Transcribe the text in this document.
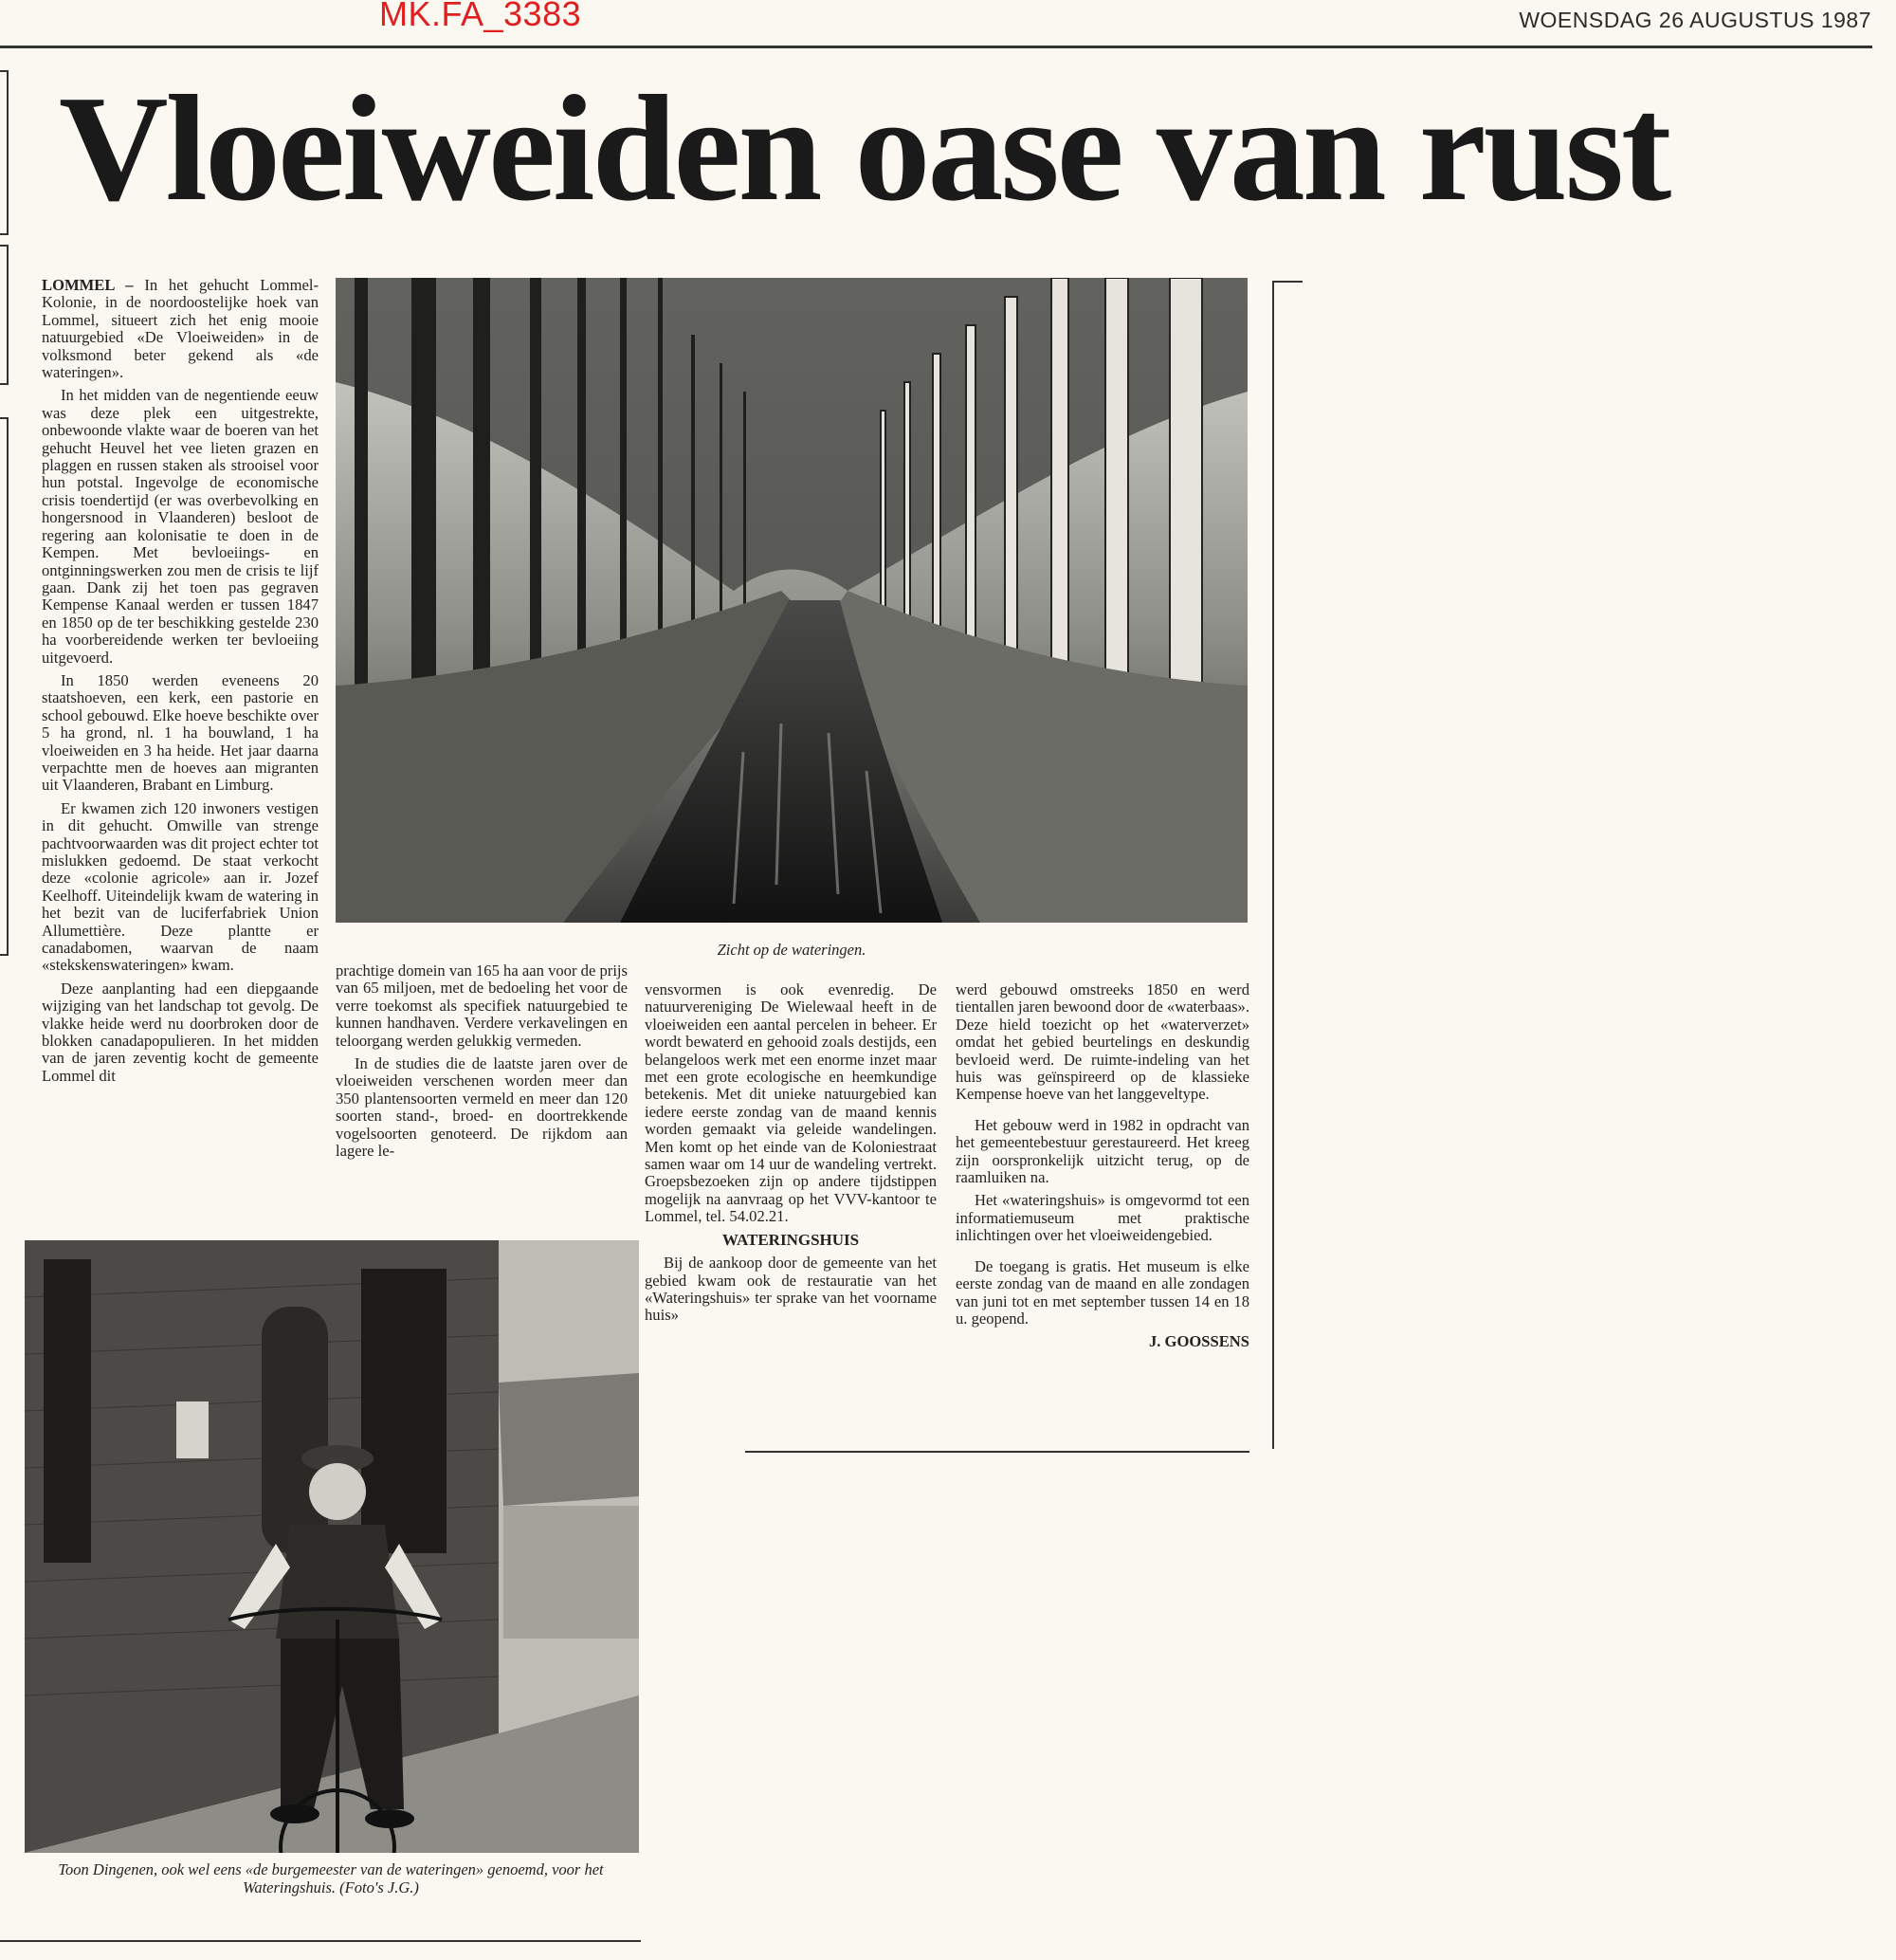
MK.FA_3383	WOENSDAG 26 AUGUSTUS 1987
Vloeiweiden oase van rust

LOMMEL – In het gehucht Lommel-Kolonie, in de noordoostelijke hoek van Lommel, situeert zich het enig mooie natuurgebied «De Vloeiweiden» in de volksmond beter gekend als «de wateringen».

In het midden van de negentiende eeuw was deze plek een uitgestrekte, onbewoonde vlakte waar de boeren van het gehucht Heuvel het vee lieten grazen en plaggen en russen staken als strooisel voor hun potstal. Ingevolge de economische crisis toendertijd (er was overbevolking en hongersnood in Vlaanderen) besloot de regering aan kolonisatie te doen in de Kempen. Met bevloeiings- en ontginningswerken zou men de crisis te lijf gaan. Dank zij het toen pas gegraven Kempense Kanaal werden er tussen 1847 en 1850 op de ter beschikking gestelde 230 ha voorbereidende werken ter bevloeiing uitgevoerd.

In 1850 werden eveneens 20 staatshoeven, een kerk, een pastorie en school gebouwd. Elke hoeve beschikte over 5 ha grond, nl. 1 ha bouwland, 1 ha vloeiweiden en 3 ha heide. Het jaar daarna verpachtte men de hoeves aan migranten uit Vlaanderen, Brabant en Limburg.

Er kwamen zich 120 inwoners vestigen in dit gehucht. Omwille van strenge pachtvoorwaarden was dit project echter tot mislukken gedoemd. De staat verkocht deze «colonie agricole» aan ir. Jozef Keelhoff. Uiteindelijk kwam de watering in het bezit van de luciferfabriek Union Allumettière. Deze plantte er canadabomen, waarvan de naam «stekskenswateringen» kwam.

Deze aanplanting had een diepgaande wijziging van het landschap tot gevolg. De vlakke heide werd nu doorbroken door de blokken canadapopulieren. In het midden van de jaren zeventig kocht de gemeente Lommel dit

Zicht op de wateringen.

prachtige domein van 165 ha aan voor de prijs van 65 miljoen, met de bedoeling het voor de verre toekomst als specifiek natuurgebied te kunnen handhaven. Verdere verkavelingen en teloorgang werden gelukkig vermeden.

In de studies die de laatste jaren over de vloeiweiden verschenen worden meer dan 350 plantensoorten vermeld en meer dan 120 soorten stand-, broed- en doortrekkende vogelsoorten genoteerd. De rijkdom aan lagere le-

vensvormen is ook evenredig. De natuurvereniging De Wielewaal heeft in de vloeiweiden een aantal percelen in beheer. Er wordt bewaterd en gehooid zoals destijds, een belangeloos werk met een enorme inzet maar met een grote ecologische en heemkundige betekenis. Met dit unieke natuurgebied kan iedere eerste zondag van de maand kennis worden gemaakt via geleide wandelingen. Men komt op het einde van de Koloniestraat samen waar om 14 uur de wandeling vertrekt. Groepsbezoeken zijn op andere tijdstippen mogelijk na aanvraag op het VVV-kantoor te Lommel, tel. 54.02.21.

WATERINGSHUIS

Bij de aankoop door de gemeente van het gebied kwam ook de restauratie van het «Wateringshuis» ter sprake van het voorname huis»

werd gebouwd omstreeks 1850 en werd tientallen jaren bewoond door de «waterbaas». Deze hield toezicht op het «waterverzet» omdat het gebied beurtelings en deskundig bevloeid werd. De ruimte-indeling van het huis was geïnspireerd op de klassieke Kempense hoeve van het langgeveltype.

Het gebouw werd in 1982 in opdracht van het gemeentebestuur gerestaureerd. Het kreeg zijn oorspronkelijk uitzicht terug, op de raamluiken na.

Het «wateringshuis» is omgevormd tot een informatiemuseum met praktische inlichtingen over het vloeiweidengebied.

De toegang is gratis. Het museum is elke eerste zondag van de maand en alle zondagen van juni tot en met september tussen 14 en 18 u. geopend.

J. GOOSSENS

Toon Dingenen, ook wel eens «de burgemeester van de wateringen» genoemd, voor het Wateringshuis. (Foto's J.G.)
